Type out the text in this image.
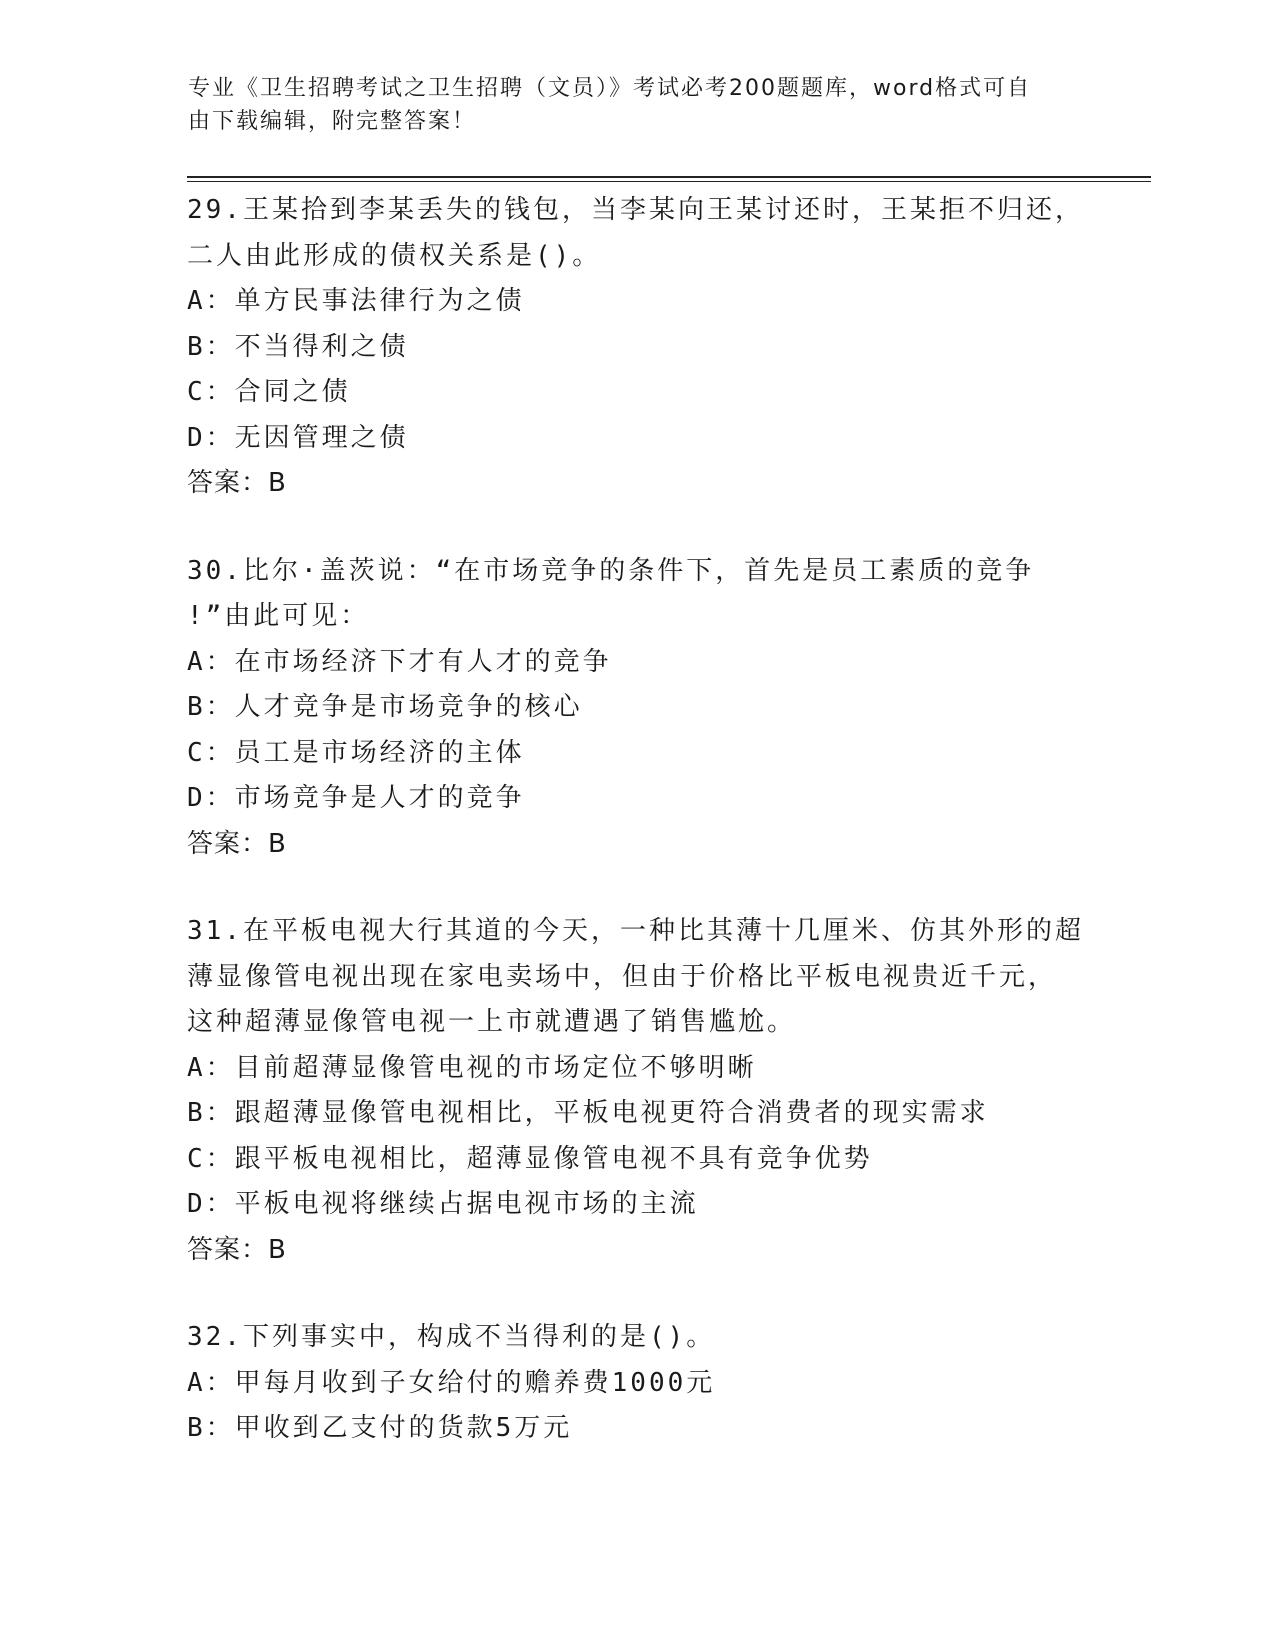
专业《卫生招聘考试之卫生招聘（文员）》考试必考200题题库，word格式可自
由下载编辑，附完整答案！
29.王某拾到李某丢失的钱包，当李某向王某讨还时，王某拒不归还，
二人由此形成的债权关系是()。
A：单方民事法律行为之债
B：不当得利之债
C：合同之债
D：无因管理之债
答案：B
30.比尔·盖茨说：“在市场竞争的条件下，首先是员工素质的竞争
!”由此可见：
A：在市场经济下才有人才的竞争
B：人才竞争是市场竞争的核心
C：员工是市场经济的主体
D：市场竞争是人才的竞争
答案：B
31.在平板电视大行其道的今天，一种比其薄十几厘米、仿其外形的超
薄显像管电视出现在家电卖场中，但由于价格比平板电视贵近千元，
这种超薄显像管电视一上市就遭遇了销售尴尬。
A：目前超薄显像管电视的市场定位不够明晰
B：跟超薄显像管电视相比，平板电视更符合消费者的现实需求
C：跟平板电视相比，超薄显像管电视不具有竞争优势
D：平板电视将继续占据电视市场的主流
答案：B
32.下列事实中，构成不当得利的是()。
A：甲每月收到子女给付的赡养费1000元
B：甲收到乙支付的货款5万元
